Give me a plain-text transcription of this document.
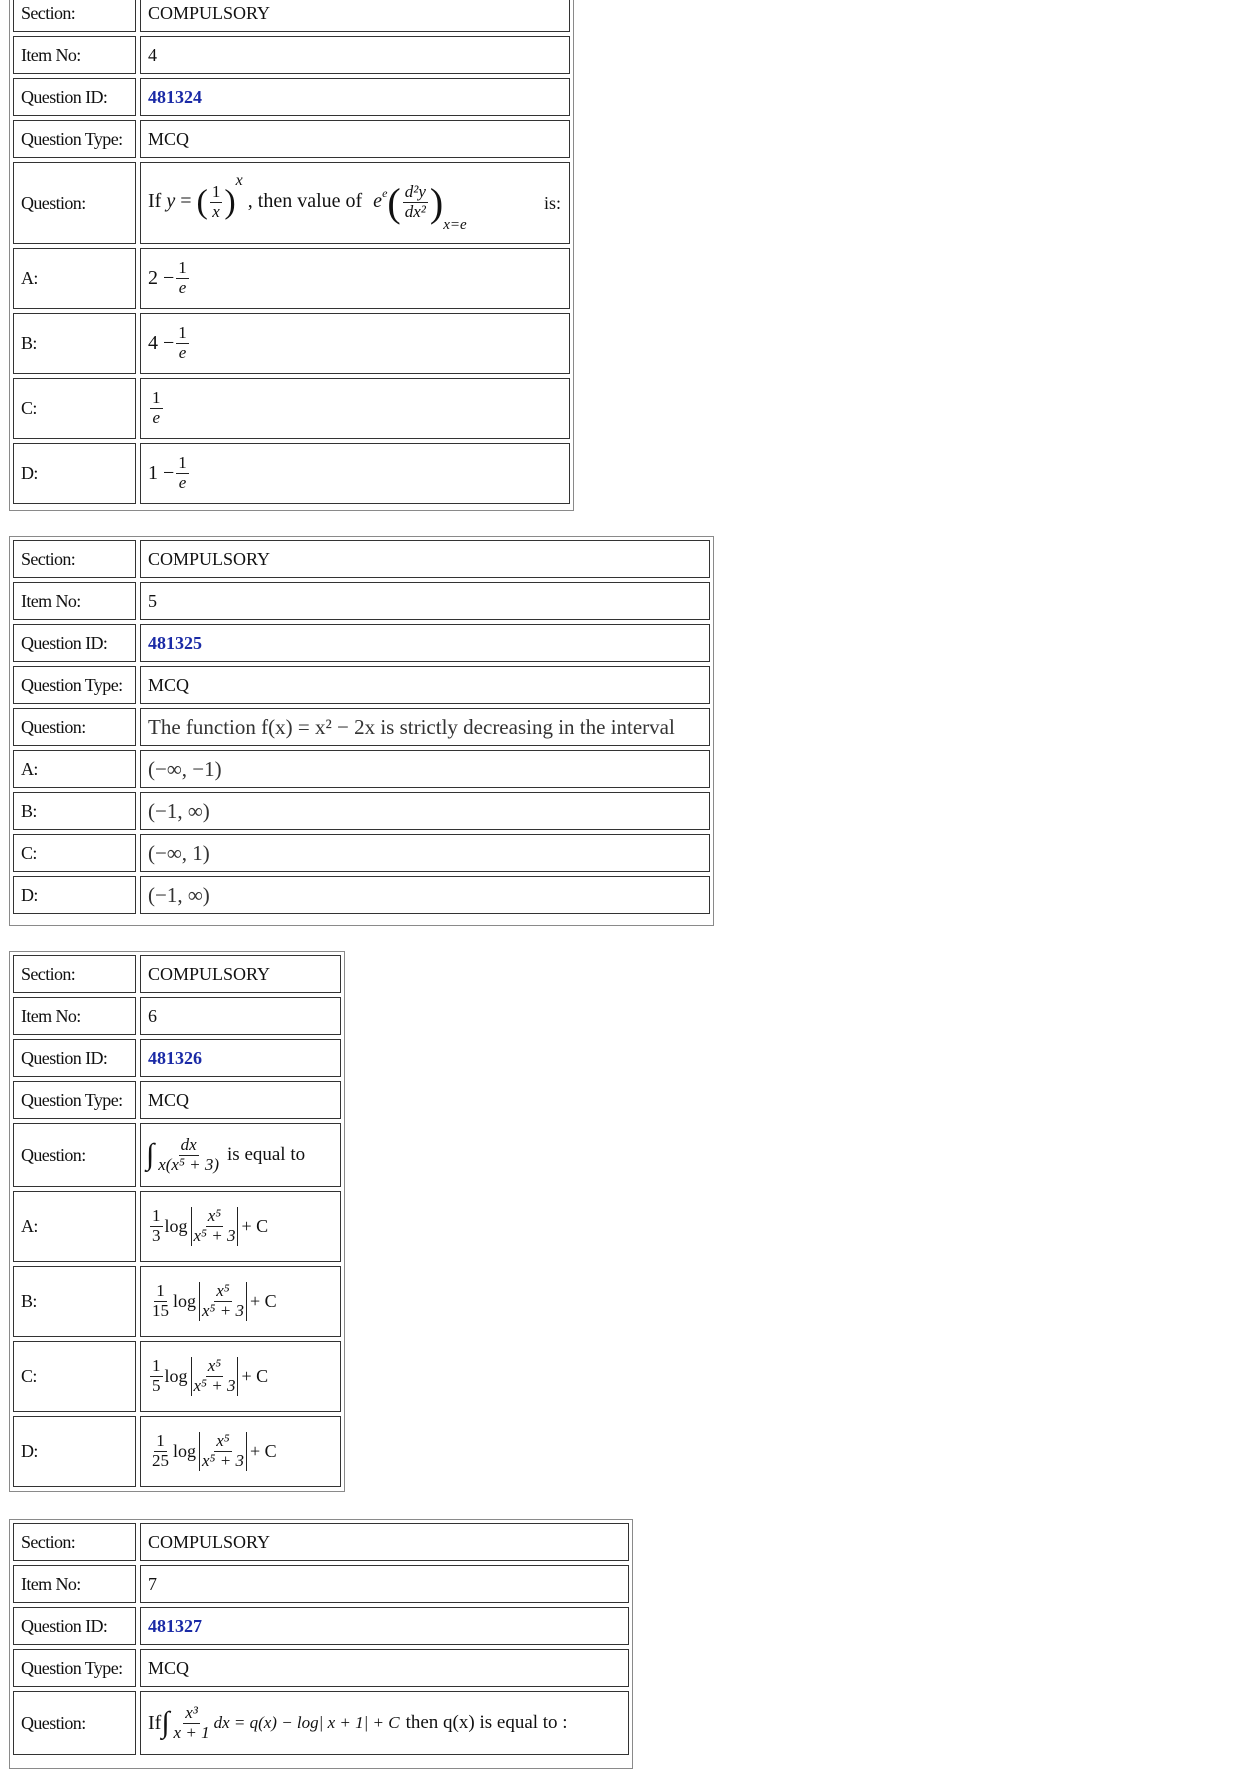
Section:	COMPULSORY
Item No:	4
Question ID:	481324
Question Type:	MCQ
Question:	If y = ( $\frac{1}{x} )^x$ , then value of $e^e( \frac{\text{d²y}}{\text{dx²}} )_{x=e}$
is:
A:	$2 - \frac{1}{e}$
B:	$4 - \frac{1}{e}$
C:	$\frac{1}{e}$
D:	$1 - \frac{1}{e}$
Section:	COMPULSORY
Item No:	5
Question ID:	481325
Question Type:	MCQ
Question:	The function f(x) = x² − 2x is strictly decreasing in the interval
A:	(−∞, −1)
B:	(−1, ∞)
C:	(−∞, 1)
D:	(−1, ∞)
Section:	COMPULSORY
Item No:	6
Question ID:	481326
Question Type:	MCQ
Question:	∫ $\frac{dx}{\text{x(x⁵ + 3)}}$ is equal to
A:	$\frac{1}{3}$ $\log \frac{\text{x⁵}}{\text{x⁵ + 3}} + C$
B:	$\frac{1}{15}$ $\log \frac{\text{x⁵}}{\text{x⁵ + 3}} + C$
C:	$\frac{1}{5}$ $\log \frac{\text{x⁵}}{\text{x⁵ + 3}} + C$
D:	$\frac{1}{25}$ $\log \frac{\text{x⁵}}{\text{x⁵ + 3}} + C$
Section:	COMPULSORY
Item No:	7
Question ID:	481327
Question Type:	MCQ
Question:	If ∫ $\frac{\text{x³}}{x + 1}$ dx = q(x) − log| x + 1| + C then q(x) is equal to :
